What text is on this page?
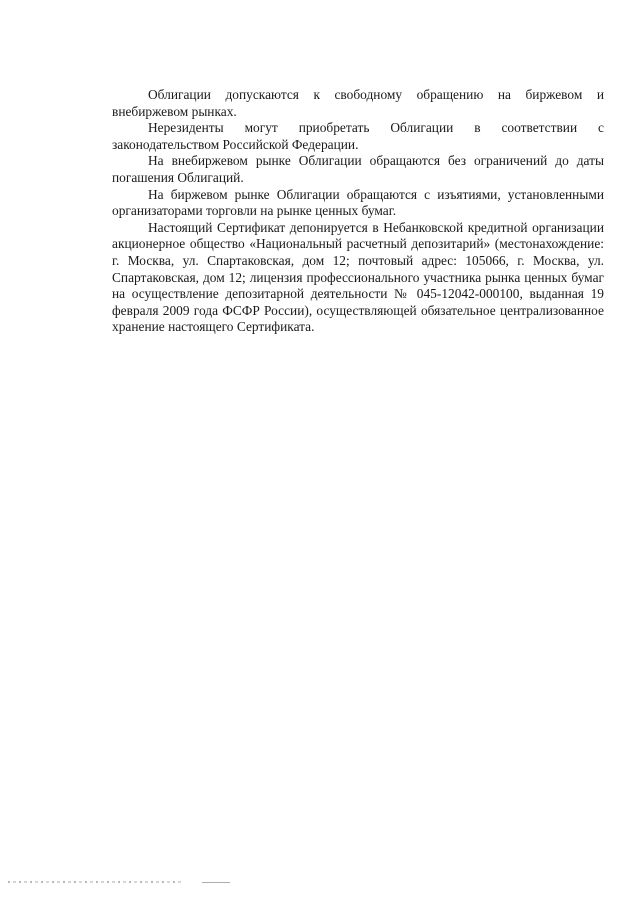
Облигации допускаются к свободному обращению на биржевом и внебиржевом рынках.

Нерезиденты могут приобретать Облигации в соответствии с законодательством Российской Федерации.

На внебиржевом рынке Облигации обращаются без ограничений до даты погашения Облигаций.

На биржевом рынке Облигации обращаются с изъятиями, установленными организаторами торговли на рынке ценных бумаг.

Настоящий Сертификат депонируется в Небанковской кредитной организации акционерное общество «Национальный расчетный депозитарий» (местонахождение: г. Москва, ул. Спартаковская, дом 12; почтовый адрес: 105066, г. Москва, ул. Спартаковская, дом 12; лицензия профессионального участника рынка ценных бумаг на осуществление депозитарной деятельности № 045-12042-000100, выданная 19 февраля 2009 года ФСФР России), осуществляющей обязательное централизованное хранение настоящего Сертификата.
